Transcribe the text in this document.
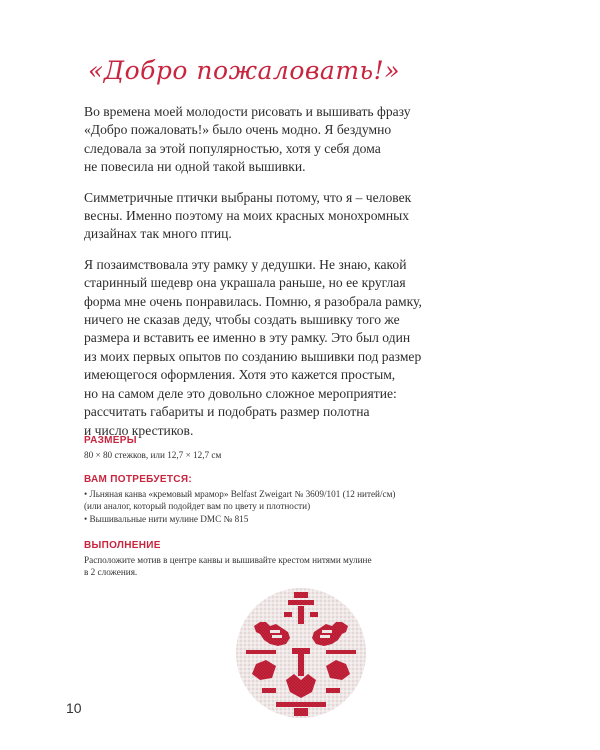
«Добро пожаловать!»

Во времена моей молодости рисовать и вышивать фразу
«Добро пожаловать!» было очень модно. Я бездумно
следовала за этой популярностью, хотя у себя дома
не повесила ни одной такой вышивки.

Симметричные птички выбраны потому, что я – человек
весны. Именно поэтому на моих красных монохромных
дизайнах так много птиц.

Я позаимствовала эту рамку у дедушки. Не знаю, какой
старинный шедевр она украшала раньше, но ее круглая
форма мне очень понравилась. Помню, я разобрала рамку,
ничего не сказав деду, чтобы создать вышивку того же
размера и вставить ее именно в эту рамку. Это был один
из моих первых опытов по созданию вышивки под размер
имеющегося оформления. Хотя это кажется простым,
но на самом деле это довольно сложное мероприятие:
рассчитать габариты и подобрать размер полотна
и число крестиков.

РАЗМЕРЫ
80 × 80 стежков, или 12,7 × 12,7 см
ВАМ ПОТРЕБУЕТСЯ:
• Льняная канва «кремовый мрамор» Belfast Zweigart № 3609/101 (12 нитей/см)
(или аналог, который подойдет вам по цвету и плотности)
• Вышивальные нити мулине DMC № 815
ВЫПОЛНЕНИЕ
Расположите мотив в центре канвы и вышивайте крестом нитями мулине
в 2 сложения.
10
